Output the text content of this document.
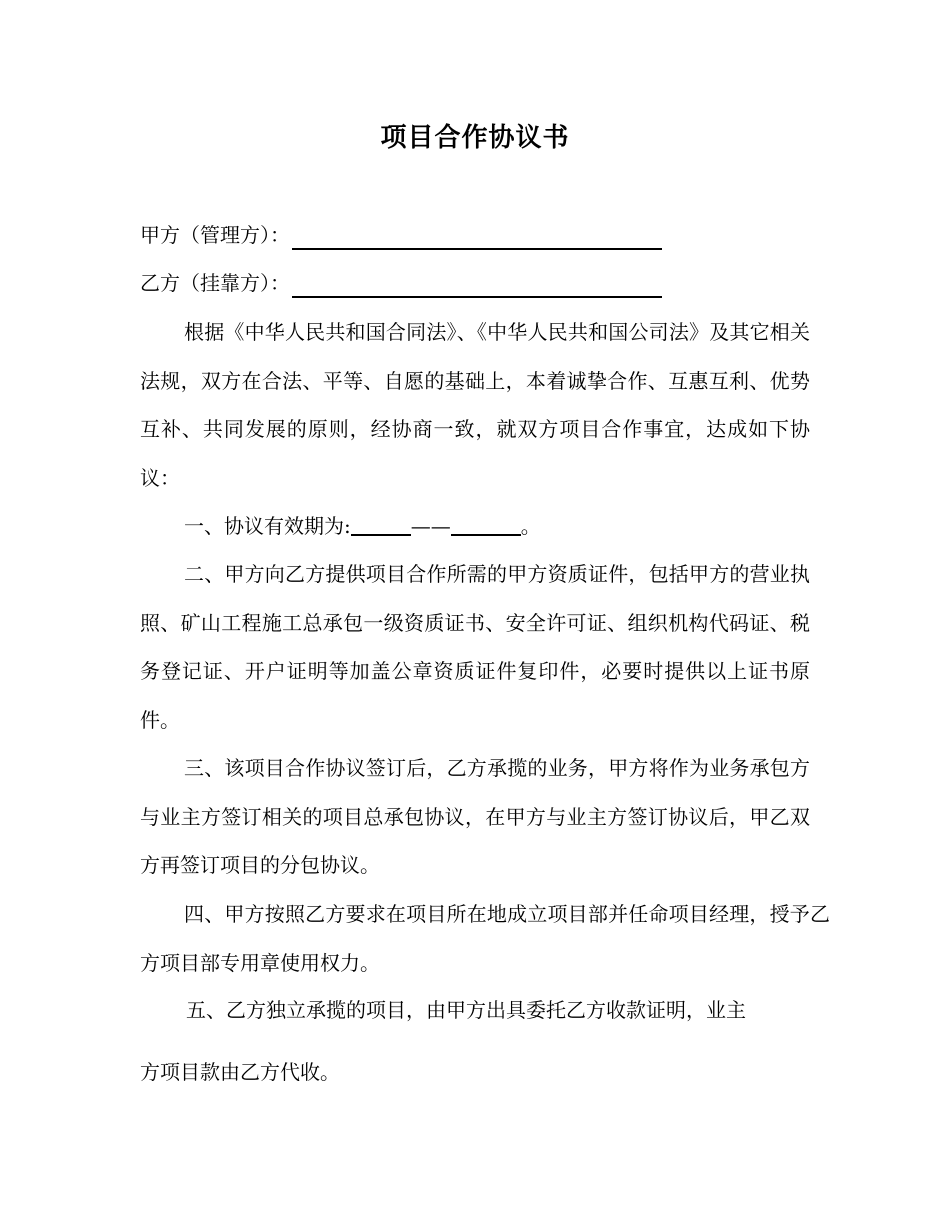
项目合作协议书
甲方（管理方）：
乙方（挂靠方）：

根据《中华人民共和国合同法》、《中华人民共和国公司法》及其它相关法规，双方在合法、平等、自愿的基础上，本着诚挚合作、互惠互利、优势互补、共同发展的原则，经协商一致，就双方项目合作事宜，达成如下协议：

一、协议有效期为:	——	。

二、甲方向乙方提供项目合作所需的甲方资质证件，包括甲方的营业执照、矿山工程施工总承包一级资质证书、安全许可证、组织机构代码证、税务登记证、开户证明等加盖公章资质证件复印件，必要时提供以上证书原件。

三、该项目合作协议签订后，乙方承揽的业务，甲方将作为业务承包方与业主方签订相关的项目总承包协议，在甲方与业主方签订协议后，甲乙双方再签订项目的分包协议。

四、甲方按照乙方要求在项目所在地成立项目部并任命项目经理，授予乙方项目部专用章使用权力。

五、乙方独立承揽的项目，由甲方出具委托乙方收款证明，业主

方项目款由乙方代收。
